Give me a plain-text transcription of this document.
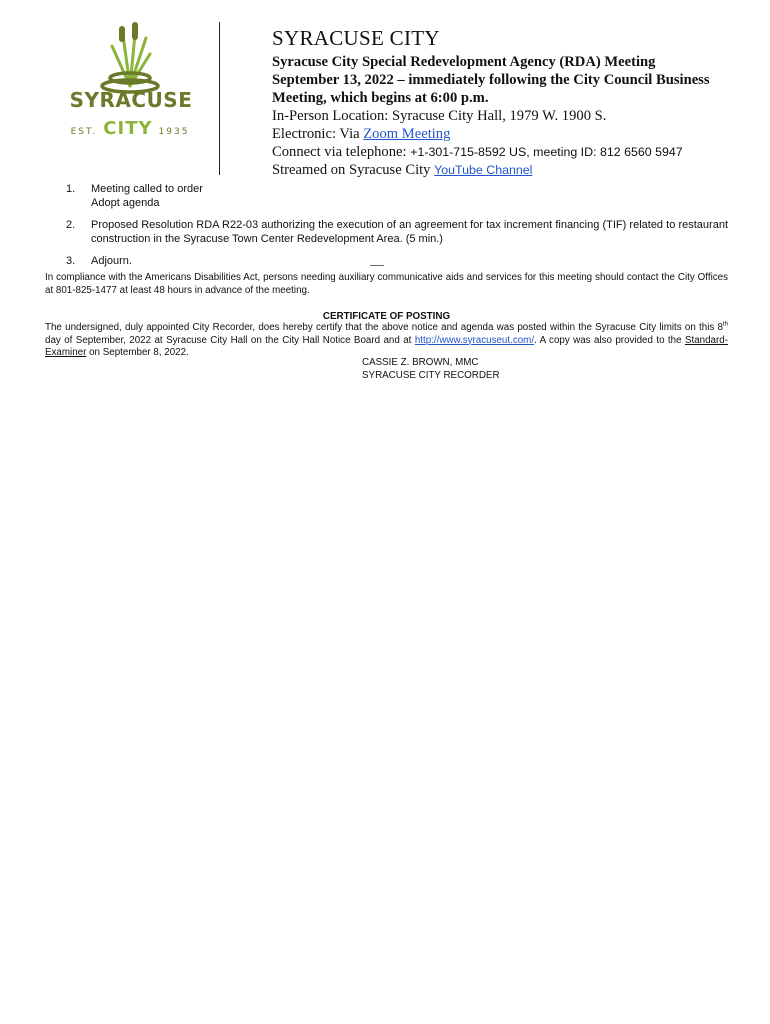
SYRACUSE
EST. CITY 1935
SYRACUSE CITY
Syracuse City Special Redevelopment Agency (RDA) Meeting
September 13, 2022 – immediately following the City Council Business
Meeting, which begins at 6:00 p.m.
In-Person Location: Syracuse City Hall, 1979 W. 1900 S.
Electronic: Via Zoom Meeting
Connect via telephone: +1-301-715-8592 US, meeting ID: 812 6560 5947
Streamed on Syracuse City YouTube Channel
1.	Meeting called to order
Adopt agenda
2.	Proposed Resolution RDA R22-03 authorizing the execution of an agreement for tax increment financing (TIF) related to restaurant construction in the Syracuse Town Center Redevelopment Area. (5 min.)
3.	Adjourn.
In compliance with the Americans Disabilities Act, persons needing auxiliary communicative aids and services for this meeting should contact the City Offices at 801-825-1477 at least 48 hours in advance of the meeting.
CERTIFICATE OF POSTING
The undersigned, duly appointed City Recorder, does hereby certify that the above notice and agenda was posted within the Syracuse City limits on this 8th day of September, 2022 at Syracuse City Hall on the City Hall Notice Board and at http://www.syracuseut.com/. A copy was also provided to the Standard-Examiner on September 8, 2022.
CASSIE Z. BROWN, MMC
SYRACUSE CITY RECORDER
